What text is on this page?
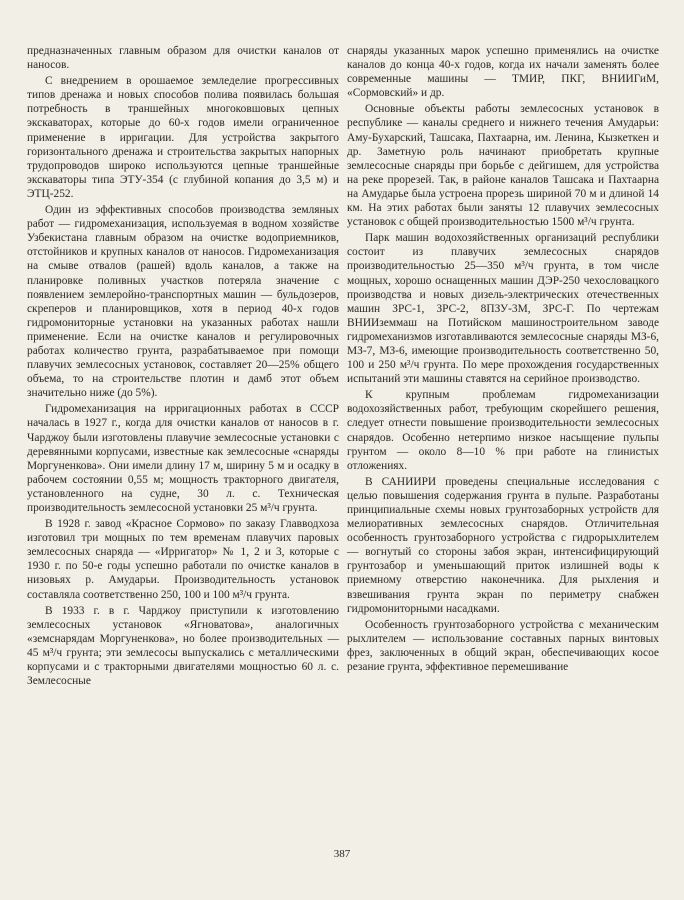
предназначенных главным образом для очистки каналов от наносов.

С внедрением в орошаемое земледелие прогрессивных типов дренажа и новых способов полива появилась большая потребность в траншейных многоковшовых цепных экскаваторах, которые до 60-х годов имели ограниченное применение в ирригации. Для устройства закрытого горизонтального дренажа и строительства закрытых напорных трудопроводов широко используются цепные траншейные экскаваторы типа ЭТУ-354 (с глубиной копания до 3,5 м) и ЭТЦ-252.

Один из эффективных способов производства земляных работ — гидромеханизация, используемая в водном хозяйстве Узбекистана главным образом на очистке водоприемников, отстойников и крупных каналов от наносов. Гидромеханизация на смыве отвалов (рашей) вдоль каналов, а также на планировке поливных участков потеряла значение с появлением землеройно-транспортных машин — бульдозеров, скреперов и планировщиков, хотя в период 40-х годов гидромониторные установки на указанных работах нашли применение. Если на очистке каналов и регулировочных работах количество грунта, разрабатываемое при помощи плавучих землесосных установок, составляет 20—25% общего объема, то на строительстве плотин и дамб этот объем значительно ниже (до 5%).

Гидромеханизация на ирригационных работах в СССР началась в 1927 г., когда для очистки каналов от наносов в г. Чарджоу были изготовлены плавучие землесосные установки с деревянными корпусами, известные как землесосные «снаряды Моргуненкова». Они имели длину 17 м, ширину 5 м и осадку в рабочем состоянии 0,55 м; мощность тракторного двигателя, установленного на судне, 30 л. с. Техническая производительность землесосной установки 25 м³/ч грунта.

В 1928 г. завод «Красное Сормово» по заказу Главводхоза изготовил три мощных по тем временам плавучих паровых землесосных снаряда — «Ирригатор» № 1, 2 и 3, которые с 1930 г. по 50-е годы успешно работали по очистке каналов в низовьях р. Амударьи. Производительность установок составляла соответственно 250, 100 и 100 м³/ч грунта.

В 1933 г. в г. Чарджоу приступили к изготовлению землесосных установок «Ягноватова», аналогичных «земснарядам Моргуненкова», но более производительных — 45 м³/ч грунта; эти землесосы выпускались с металлическими корпусами и с тракторными двигателями мощностью 60 л. с. Землесосные

снаряды указанных марок успешно применялись на очистке каналов до конца 40-х годов, когда их начали заменять более современные машины — ТМИР, ПКГ, ВНИИГиМ, «Сормовский» и др.

Основные объекты работы землесосных установок в республике — каналы среднего и нижнего течения Амударьи: Аму-Бухарский, Ташсака, Пахтаарна, им. Ленина, Кызкеткен и др. Заметную роль начинают приобретать крупные землесосные снаряды при борьбе с дейгишем, для устройства на реке прорезей. Так, в районе каналов Ташсака и Пахтаарна на Амударье была устроена прорезь шириной 70 м и длиной 14 км. На этих работах были заняты 12 плавучих землесосных установок с общей производительностью 1500 м³/ч грунта.

Парк машин водохозяйственных организаций республики состоит из плавучих землесосных снарядов производительностью 25—350 м³/ч грунта, в том числе мощных, хорошо оснащенных машин ДЭР-250 чехословацкого производства и новых дизель-электрических отечественных машин ЗРС-1, ЗРС-2, 8ПЗУ-3М, ЗРС-Г. По чертежам ВНИИземмаш на Потийском машиностроительном заводе гидромеханизмов изготавливаются землесосные снаряды МЗ-6, МЗ-7, МЗ-6, имеющие производительность соответственно 50, 100 и 250 м³/ч грунта. По мере прохождения государственных испытаний эти машины ставятся на серийное производство.

К крупным проблемам гидромеханизации водохозяйственных работ, требующим скорейшего решения, следует отнести повышение производительности землесосных снарядов. Особенно нетерпимо низкое насыщение пульпы грунтом — около 8—10 % при работе на глинистых отложениях.

В САНИИРИ проведены специальные исследования с целью повышения содержания грунта в пульпе. Разработаны принципиальные схемы новых грунтозаборных устройств для мелиоративных землесосных снарядов. Отличительная особенность грунтозаборного устройства с гидрорыхлителем — вогнутый со стороны забоя экран, интенсифицирующий грунтозабор и уменьшающий приток излишней воды к приемному отверстию наконечника. Для рыхления и взвешивания грунта экран по периметру снабжен гидромониторными насадками.

Особенность грунтозаборного устройства с механическим рыхлителем — использование составных парных винтовых фрез, заключенных в общий экран, обеспечивающих косое резание грунта, эффективное перемешивание

387
